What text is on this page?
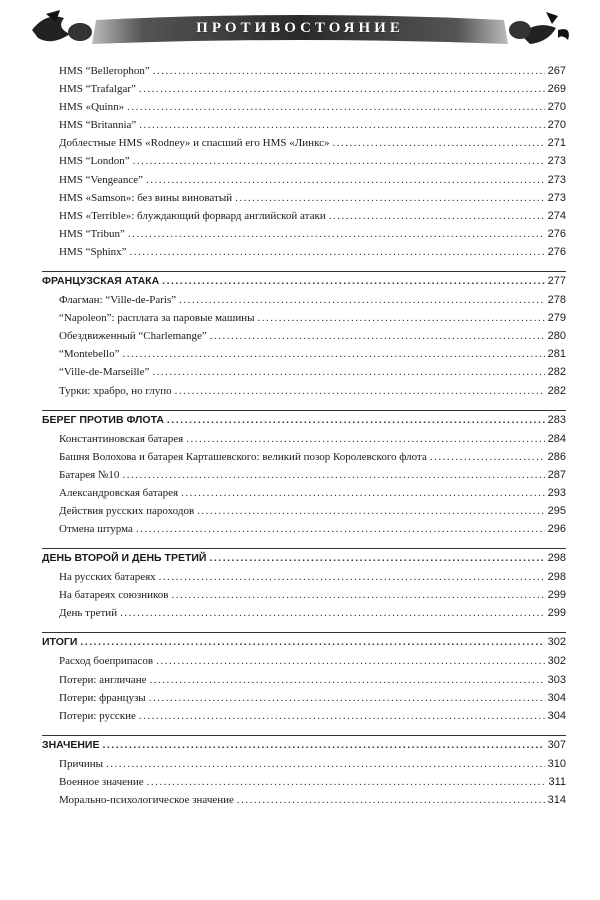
ПРОТИВОСТОЯНИЕ
HMS “Bellerophon” .....	267
HMS “Trafalgar” .....	269
HMS «Quinn» .....	270
HMS “Britannia” .....	270
Доблестные HMS «Rodney» и спасший его HMS «Линкс» .....	271
HMS “London” .....	273
HMS “Vengeance” .....	273
HMS «Samson»: без вины виноватый .....	273
HMS «Terrible»: блуждающий форвард английской атаки .....	274
HMS “Tribun” .....	276
HMS “Sphinx” .....	276
ФРАНЦУЗСКАЯ АТАКА .....	277
Флагман: “Ville-de-Paris” .....	278
“Napoleon”: расплата за паровые машины .....	279
Обездвиженный “Charlemange” .....	280
“Montebello” .....	281
“Ville-de-Marseille” .....	282
Турки: храбро, но глупо .....	282
БЕРЕГ ПРОТИВ ФЛОТА .....	283
Константиновская батарея .....	284
Башня Волохова и батарея Карташевского: великий позор Королевского флота .....	286
Батарея №10 .....	287
Александровская батарея .....	293
Действия русских пароходов .....	295
Отмена штурма .....	296
ДЕНЬ ВТОРОЙ И ДЕНЬ ТРЕТИЙ .....	298
На русских батареях .....	298
На батареях союзников .....	299
День третий .....	299
ИТОГИ .....	302
Расход боеприпасов .....	302
Потери: англичане .....	303
Потери: французы .....	304
Потери: русские .....	304
ЗНАЧЕНИЕ .....	307
Причины .....	310
Военное значение .....	311
Морально-психологическое значение .....	314
